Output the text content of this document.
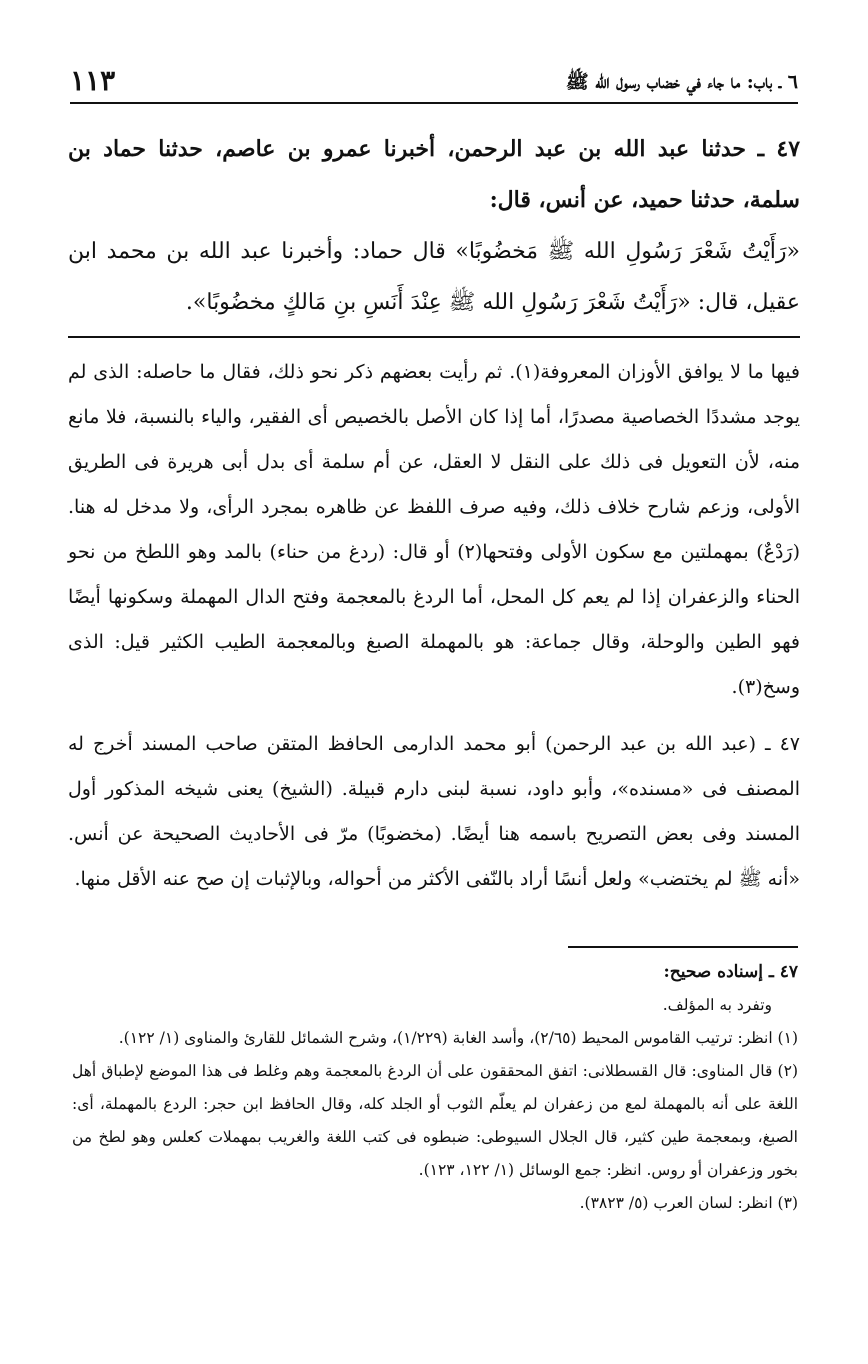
٦ ـ باب: ما جاء في خضاب رسول الله ﷺ
١١٣

٤٧ ـ حدثنا عبد الله بن عبد الرحمن، أخبرنا عمرو بن عاصم، حدثنا حماد بن سلمة، حدثنا حميد، عن أنس، قال:

«رَأَيْتُ شَعْرَ رَسُولِ الله ﷺ مَخضُوبًا» قال حماد: وأخبرنا عبد الله بن محمد ابن عقيل، قال: «رَأَيْتُ شَعْرَ رَسُولِ الله ﷺ عِنْدَ أَنَسِ بنِ مَالكٍ مخضُوبًا».

فيها ما لا يوافق الأوزان المعروفة(١). ثم رأيت بعضهم ذكر نحو ذلك، فقال ما حاصله: الذى لم يوجد مشددًا الخصاصية مصدرًا، أما إذا كان الأصل بالخصيص أى الفقير، والياء بالنسبة، فلا مانع منه، لأن التعويل فى ذلك على النقل لا العقل، عن أم سلمة أى بدل أبى هريرة فى الطريق الأولى، وزعم شارح خلاف ذلك، وفيه صرف اللفظ عن ظاهره بمجرد الرأى، ولا مدخل له هنا.(رَدْعٌ) بمهملتين مع سكون الأولى وفتحها(٢) أو قال: (ردغ من حناء) بالمد وهو اللطخ من نحو الحناء والزعفران إذا لم يعم كل المحل، أما الردغ بالمعجمة وفتح الدال المهملة وسكونها أيضًا فهو الطين والوحلة، وقال جماعة: هو بالمهملة الصبغ وبالمعجمة الطيب الكثير قيل: الذى وسخ(٣).

٤٧ ـ (عبد الله بن عبد الرحمن) أبو محمد الدارمى الحافظ المتقن صاحب المسند أخرج له المصنف فى «مسنده»، وأبو داود، نسبة لبنى دارم قبيلة. (الشيخ) يعنى شيخه المذكور أول المسند وفى بعض التصريح باسمه هنا أيضًا. (مخضوبًا) مرّ فى الأحاديث الصحيحة عن أنس. «أنه ﷺ لم يختضب» ولعل أنسًا أراد بالنّفى الأكثر من أحواله، وبالإثبات إن صح عنه الأقل منها.

٤٧ ـ إسناده صحيح:

وتفرد به المؤلف.

(١) انظر: ترتيب القاموس المحيط (٢/٦٥)، وأسد الغابة (١/٢٢٩)، وشرح الشمائل للقارئ والمناوى (١/ ١٢٢).

(٢) قال المناوى: قال القسطلانى: اتفق المحققون على أن الردغ بالمعجمة وهم وغلط فى هذا الموضع لإطباق أهل اللغة على أنه بالمهملة لمع من زعفران لم يعلّم الثوب أو الجلد كله، وقال الحافظ ابن حجر: الردع بالمهملة، أى: الصبغ، وبمعجمة طين كثير، قال الجلال السيوطى: ضبطوه فى كتب اللغة والغريب بمهملات كعلس وهو لطخ من بخور وزعفران أو روس. انظر: جمع الوسائل (١/ ١٢٢، ١٢٣).

(٣) انظر: لسان العرب (٥/ ٣٨٢٣).
